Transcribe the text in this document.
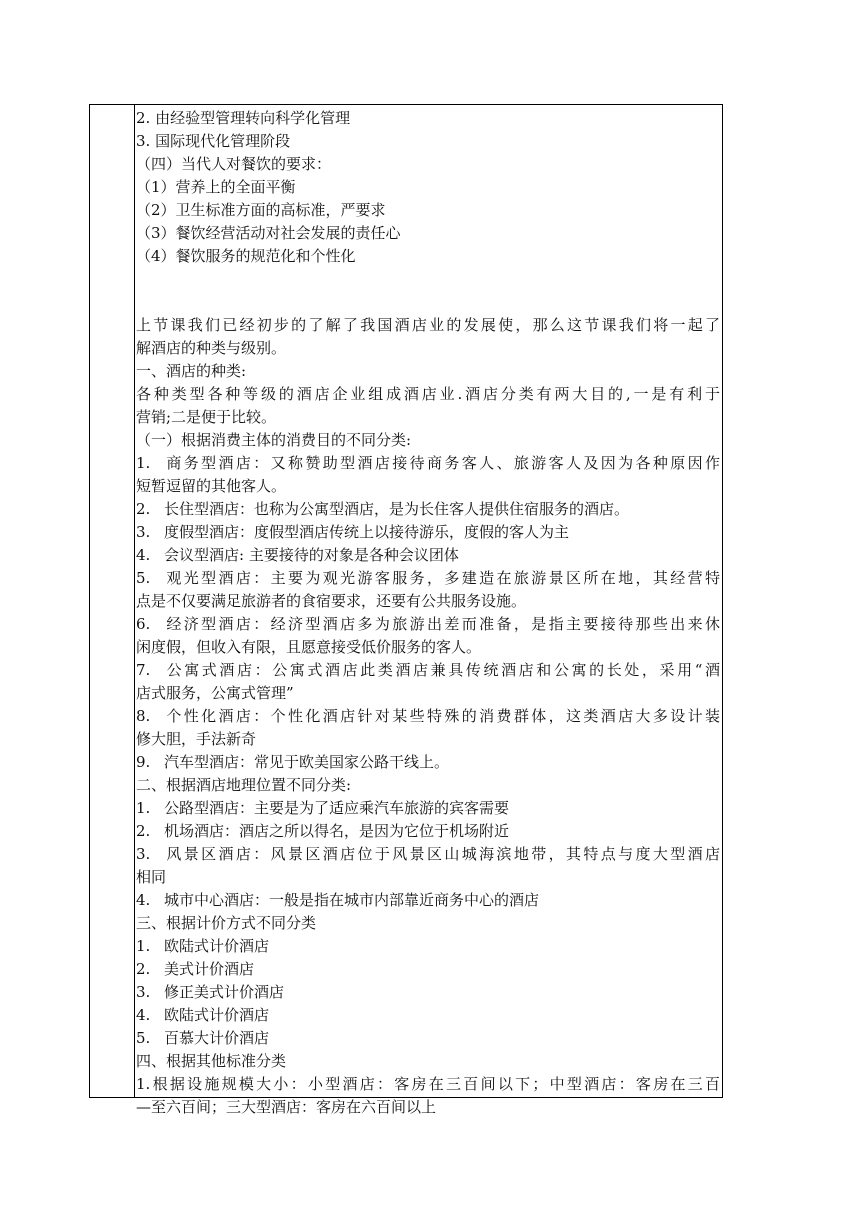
2. 由经验型管理转向科学化管理
3. 国际现代化管理阶段
（四）当代人对餐饮的要求：
（1）营养上的全面平衡
（2）卫生标准方面的高标准，严要求
（3）餐饮经营活动对社会发展的责任心
（4）餐饮服务的规范化和个性化
上节课我们已经初步的了解了我国酒店业的发展使，那么这节课我们将一起了
解酒店的种类与级别。
一、酒店的种类:
各种类型各种等级的酒店企业组成酒店业.酒店分类有两大目的,一是有利于
营销;二是便于比较。
（一）根据消费主体的消费目的不同分类:
1. 商务型酒店：又称赞助型酒店接待商务客人、旅游客人及因为各种原因作
短暂逗留的其他客人。
2. 长住型酒店：也称为公寓型酒店，是为长住客人提供住宿服务的酒店。
3. 度假型酒店：度假型酒店传统上以接待游乐，度假的客人为主
4. 会议型酒店: 主要接待的对象是各种会议团体
5. 观光型酒店：主要为观光游客服务，多建造在旅游景区所在地，其经营特
点是不仅要满足旅游者的食宿要求，还要有公共服务设施。
6. 经济型酒店：经济型酒店多为旅游出差而准备，是指主要接待那些出来休
闲度假，但收入有限，且愿意接受低价服务的客人。
7. 公寓式酒店：公寓式酒店此类酒店兼具传统酒店和公寓的长处，采用“酒
店式服务，公寓式管理”
8. 个性化酒店：个性化酒店针对某些特殊的消费群体，这类酒店大多设计装
修大胆，手法新奇
9. 汽车型酒店：常见于欧美国家公路干线上。
二、根据酒店地理位置不同分类:
1. 公路型酒店：主要是为了适应乘汽车旅游的宾客需要
2. 机场酒店：酒店之所以得名，是因为它位于机场附近
3. 风景区酒店：风景区酒店位于风景区山城海滨地带，其特点与度大型酒店
相同
4. 城市中心酒店：一般是指在城市内部靠近商务中心的酒店
三、根据计价方式不同分类
1. 欧陆式计价酒店
2. 美式计价酒店
3. 修正美式计价酒店
4. 欧陆式计价酒店
5. 百慕大计价酒店
四、根据其他标准分类
1.根据设施规模大小：小型酒店：客房在三百间以下；中型酒店：客房在三百
—至六百间；三大型酒店：客房在六百间以上
